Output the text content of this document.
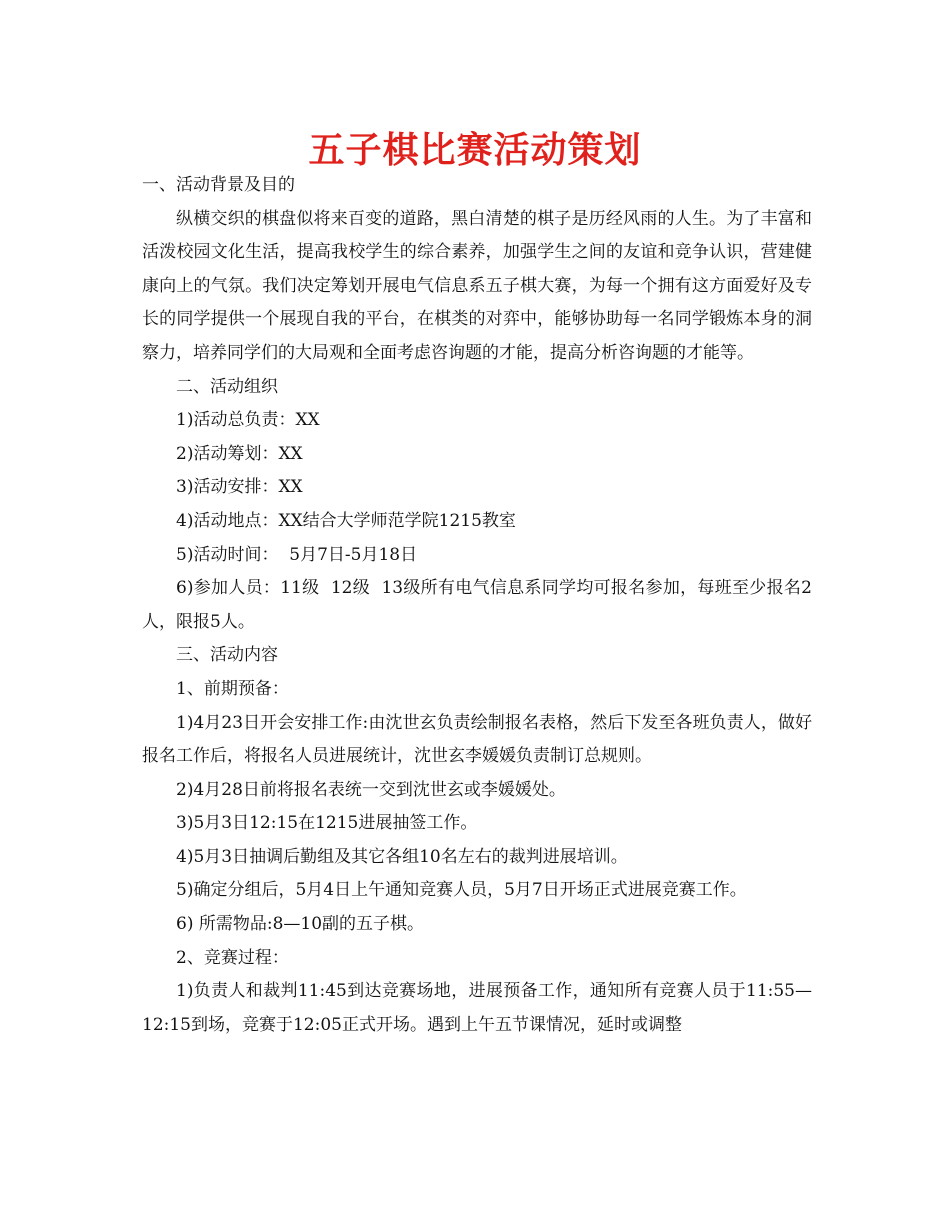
五子棋比赛活动策划

一、活动背景及目的

纵横交织的棋盘似将来百变的道路，黑白清楚的棋子是历经风雨的人生。为了丰富和活泼校园文化生活，提高我校学生的综合素养，加强学生之间的友谊和竞争认识，营建健康向上的气氛。我们决定筹划开展电气信息系五子棋大赛，为每一个拥有这方面爱好及专长的同学提供一个展现自我的平台，在棋类的对弈中，能够协助每一名同学锻炼本身的洞察力，培养同学们的大局观和全面考虑咨询题的才能，提高分析咨询题的才能等。

二、活动组织

1)活动总负责：XX

2)活动筹划：XX

3)活动安排：XX

4)活动地点：XX结合大学师范学院1215教室

5)活动时间：  5月7日-5月18日

6)参加人员：11级  12级  13级所有电气信息系同学均可报名参加，每班至少报名2人，限报5人。

三、活动内容

1、前期预备：

1)4月23日开会安排工作:由沈世玄负责绘制报名表格，然后下发至各班负责人，做好报名工作后，将报名人员进展统计，沈世玄李媛媛负责制订总规则。

2)4月28日前将报名表统一交到沈世玄或李媛媛处。

3)5月3日12:15在1215进展抽签工作。

4)5月3日抽调后勤组及其它各组10名左右的裁判进展培训。

5)确定分组后，5月4日上午通知竞赛人员，5月7日开场正式进展竞赛工作。

6) 所需物品:8—10副的五子棋。

2、竞赛过程：

1)负责人和裁判11:45到达竞赛场地，进展预备工作，通知所有竞赛人员于11:55—12:15到场，竞赛于12:05正式开场。遇到上午五节课情况，延时或调整
